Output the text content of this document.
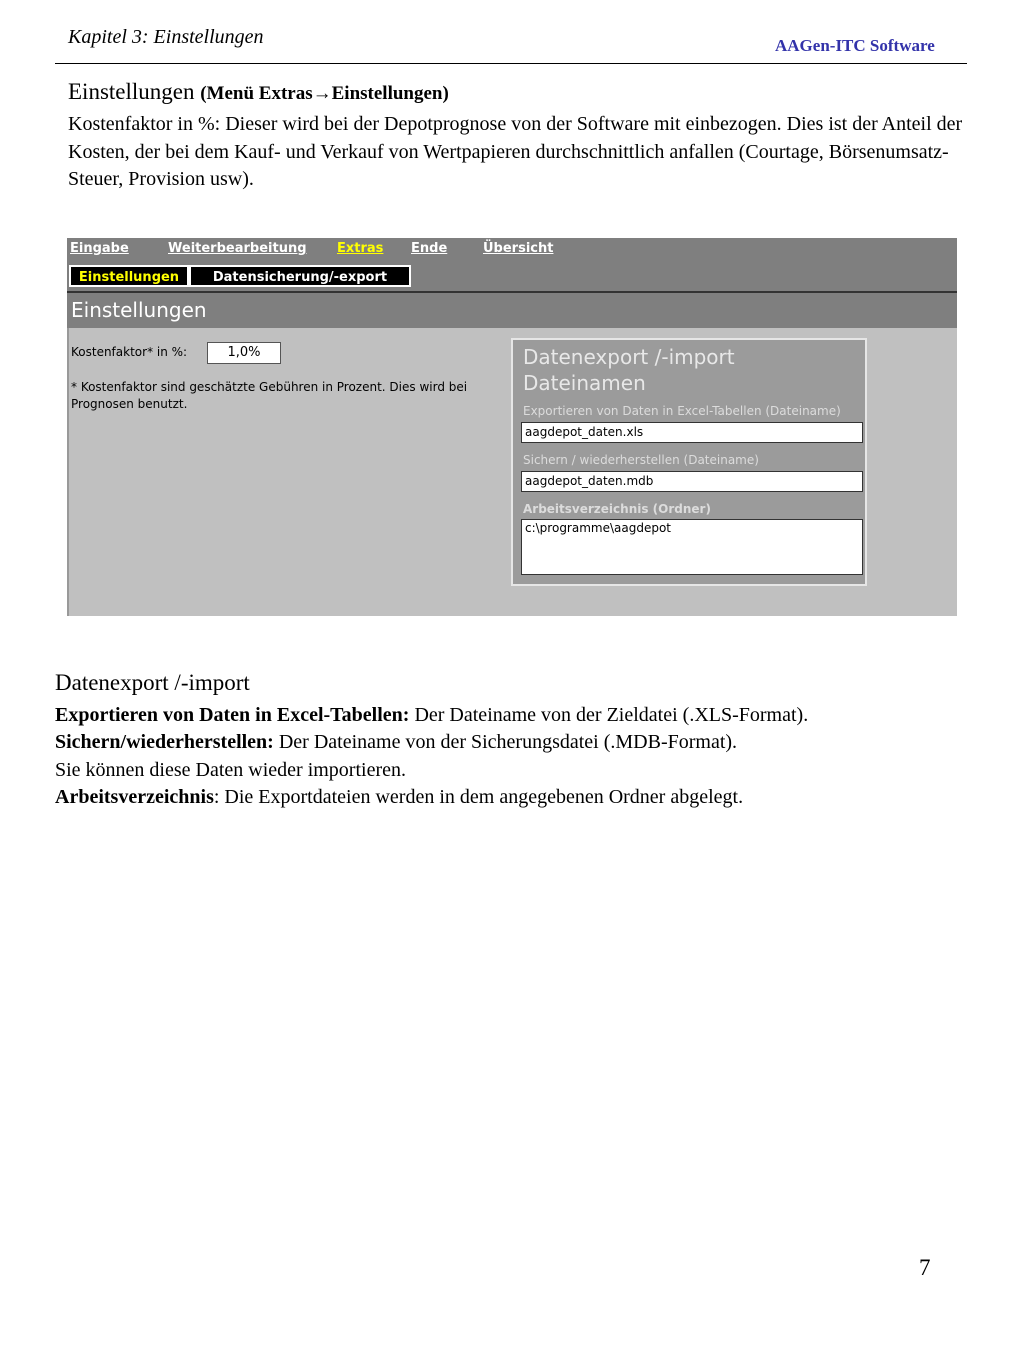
Kapitel 3: Einstellungen	AAGen-ITC Software
Einstellungen (Menü Extras→Einstellungen)
Kostenfaktor in %: Dieser wird bei der Depotprognose von der Software mit einbezogen. Dies ist der Anteil der Kosten, der bei dem Kauf- und Verkauf von Wertpapieren durchschnittlich anfallen (Courtage, Börsenumsatz-Steuer, Provision usw).
Eingabe	Weiterbearbeitung Extras Ende	Übersicht
Einstellungen	Datensicherung/-export
Einstellungen
Kostenfaktor* in %:	1,0%
* Kostenfaktor sind geschätzte Gebühren in Prozent. Dies wird bei Prognosen benutzt.
Datenexport /-import
Dateinamen
Exportieren von Daten in Excel-Tabellen (Dateiname)
aagdepot_daten.xls
Sichern / wiederherstellen (Dateiname)
aagdepot_daten.mdb
Arbeitsverzeichnis (Ordner)
c:\programme\aagdepot
Datenexport /-import

Exportieren von Daten in Excel-Tabellen: Der Dateiname von der Zieldatei (.XLS-Format).

Sichern/wiederherstellen: Der Dateiname von der Sicherungsdatei (.MDB-Format).

Sie können diese Daten wieder importieren.

Arbeitsverzeichnis: Die Exportdateien werden in dem angegebenen Ordner abgelegt.

7
